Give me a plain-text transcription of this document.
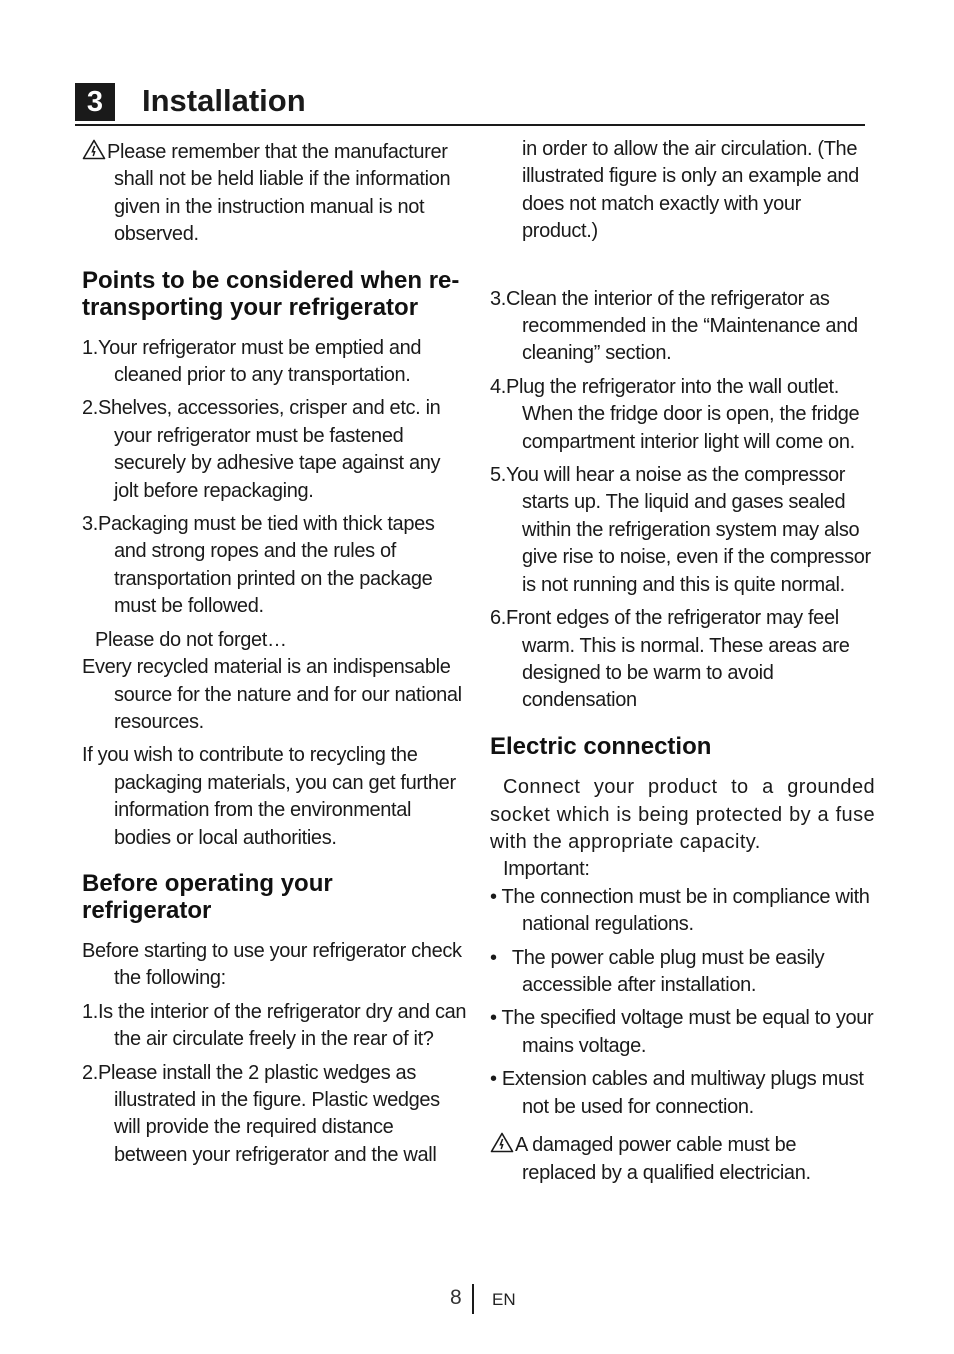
3	Installation

Please remember that the manufacturer shall not be held liable if the information given in the instruction manual is not observed.

Points to be considered when re-transporting your refrigerator

1.Your refrigerator must be emptied and cleaned prior to any transportation.

2.Shelves, accessories, crisper and etc. in your refrigerator must be fastened securely by adhesive tape against any jolt before repackaging.

3.Packaging must be tied with thick tapes and strong ropes and the rules of transportation printed on the package must be followed.

Please do not forget…

Every recycled material is an indispensable source for the nature and for our national resources.

If you wish to contribute to recycling the packaging materials, you can get further information from the environmental bodies or local authorities.

Before operating your refrigerator

Before starting to use your refrigerator check the following:

1.Is the interior of the refrigerator dry and can the air circulate freely in the rear of it?

2.Please install the 2 plastic wedges as illustrated in the figure. Plastic wedges will provide the required distance between your refrigerator and the wall

in order to allow the air circulation. (The illustrated figure is only an example and does not match exactly with your product.)

3.Clean the interior of the refrigerator as recommended in the “Maintenance and cleaning” section.

4.Plug the refrigerator into the wall outlet. When the fridge door is open, the fridge compartment interior light will come on.

5.You will hear a noise as the compressor starts up. The liquid and gases sealed within the refrigeration system may also give rise to noise, even if the compressor is not running and this is quite normal.

6.Front edges of the refrigerator may feel warm. This is normal. These areas are designed to be warm to avoid condensation

Electric connection

Connect your product to a grounded socket which is being protected by a fuse with the appropriate capacity.

Important:

• The connection must be in compliance with national regulations.

•   The power cable plug must be easily accessible after installation.

• The specified voltage must be equal to your mains voltage.

• Extension cables and multiway plugs must not be used for connection.

A damaged power cable must be replaced by a qualified electrician.

8 EN
